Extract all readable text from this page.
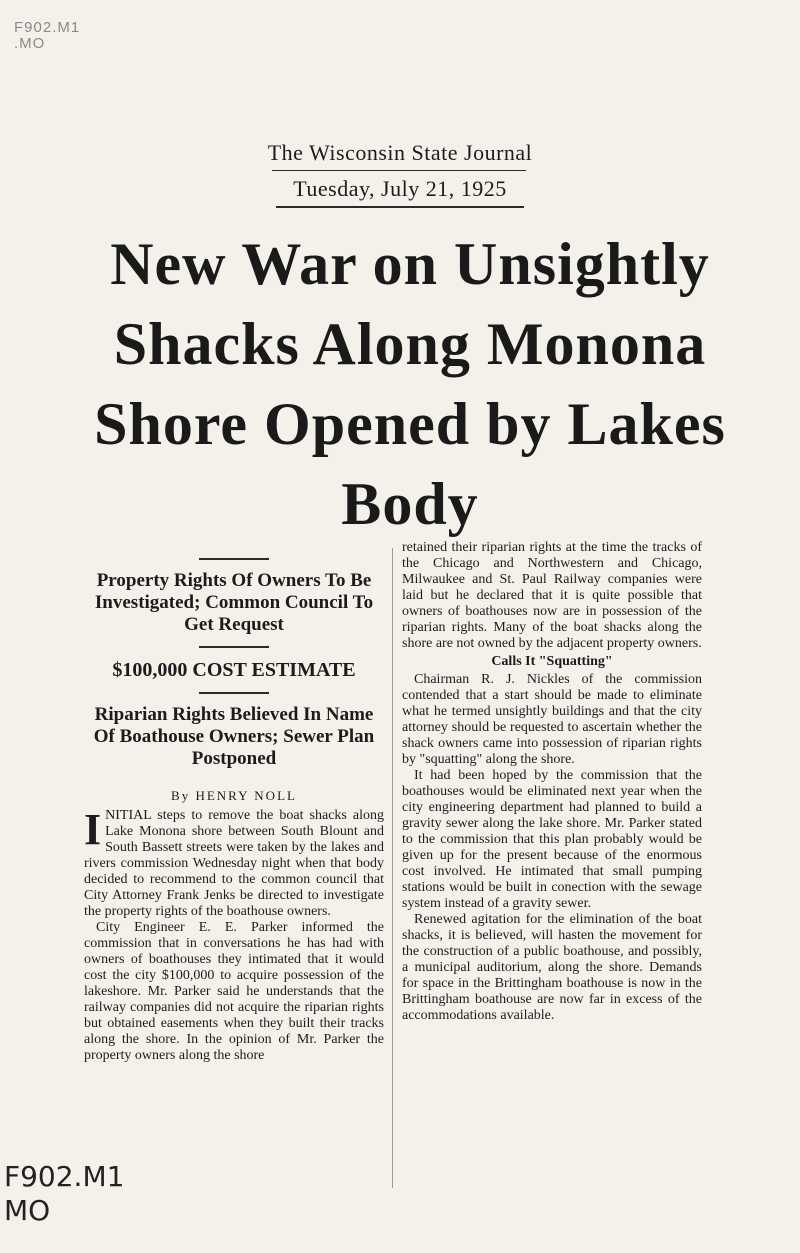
F902.M1
.MO
The Wisconsin State Journal
Tuesday, July 21, 1925
New War on Unsightly Shacks Along Monona Shore Opened by Lakes Body
Property Rights Of Owners To Be Investigated; Common Council To Get Request
$100,000 COST ESTIMATE
Riparian Rights Believed In Name Of Boathouse Owners; Sewer Plan Postponed
By HENRY NOLL

INITIAL steps to remove the boat shacks along Lake Monona shore between South Blount and South Bassett streets were taken by the lakes and rivers commission Wednesday night when that body decided to recommend to the common council that City Attorney Frank Jenks be directed to investigate the property rights of the boathouse owners.

City Engineer E. E. Parker informed the commission that in conversations he has had with owners of boathouses they intimated that it would cost the city $100,000 to acquire possession of the lakeshore. Mr. Parker said he understands that the railway companies did not acquire the riparian rights but obtained easements when they built their tracks along the shore. In the opinion of Mr. Parker the property owners along the shore

retained their riparian rights at the time the tracks of the Chicago and Northwestern and Chicago, Milwaukee and St. Paul Railway companies were laid but he declared that it is quite possible that owners of boathouses now are in possession of the riparian rights. Many of the boat shacks along the shore are not owned by the adjacent property owners.

Calls It "Squatting"

Chairman R. J. Nickles of the commission contended that a start should be made to eliminate what he termed unsightly buildings and that the city attorney should be requested to ascertain whether the shack owners came into possession of riparian rights by "squatting" along the shore.

It had been hoped by the commission that the boathouses would be eliminated next year when the city engineering department had planned to build a gravity sewer along the lake shore. Mr. Parker stated to the commission that this plan probably would be given up for the present because of the enormous cost involved. He intimated that small pumping stations would be built in conection with the sewage system instead of a gravity sewer.

Renewed agitation for the elimination of the boat shacks, it is believed, will hasten the movement for the construction of a public boathouse, and possibly, a municipal auditorium, along the shore. Demands for space in the Brittingham boathouse is now in the Brittingham boathouse are now far in excess of the accommodations available.

F902.M1
MO
